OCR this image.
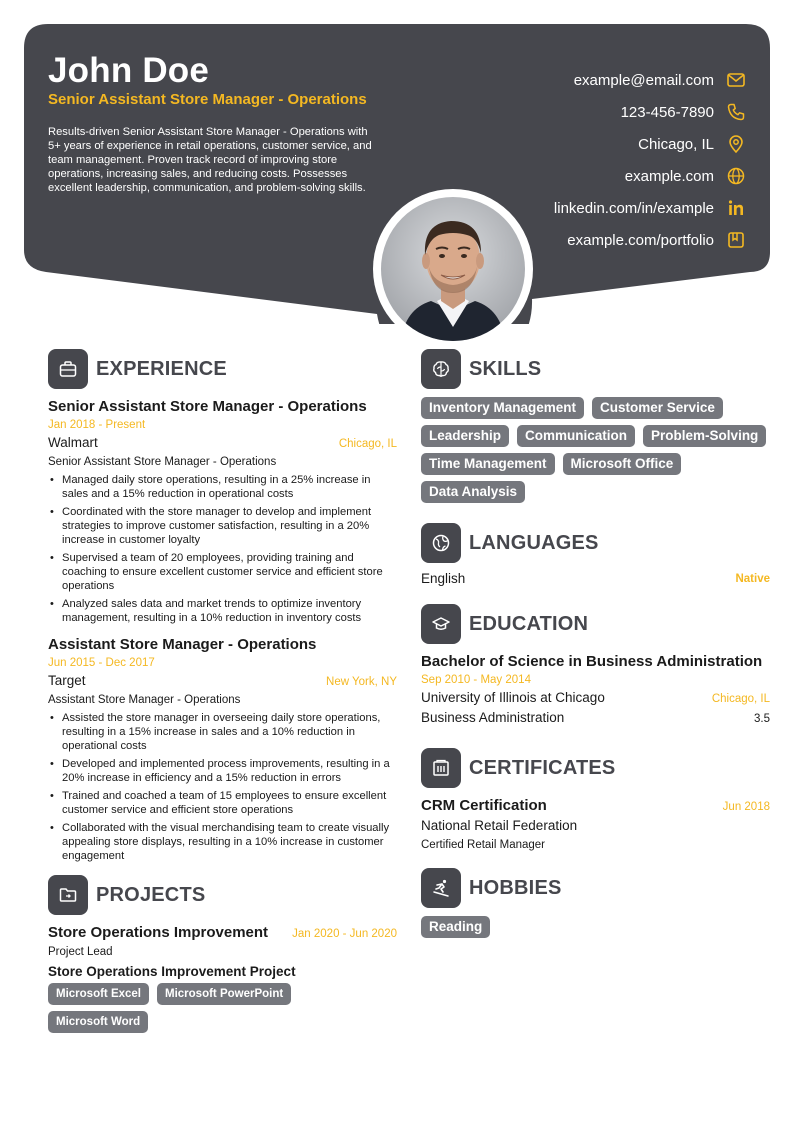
John Doe
Senior Assistant Store Manager - Operations
Results-driven Senior Assistant Store Manager - Operations with 5+ years of experience in retail operations, customer service, and team management. Proven track record of improving store operations, increasing sales, and reducing costs. Possesses excellent leadership, communication, and problem-solving skills.
example@email.com
123-456-7890
Chicago, IL
example.com
linkedin.com/in/example
example.com/portfolio
EXPERIENCE
Senior Assistant Store Manager - Operations
Jan 2018 - Present
Walmart	Chicago, IL
Senior Assistant Store Manager - Operations
• Managed daily store operations, resulting in a 25% increase in sales and a 15% reduction in operational costs
• Coordinated with the store manager to develop and implement strategies to improve customer satisfaction, resulting in a 20% increase in customer loyalty
• Supervised a team of 20 employees, providing training and coaching to ensure excellent customer service and efficient store operations
• Analyzed sales data and market trends to optimize inventory management, resulting in a 10% reduction in inventory costs
Assistant Store Manager - Operations
Jun 2015 - Dec 2017
Target	New York, NY
Assistant Store Manager - Operations
• Assisted the store manager in overseeing daily store operations, resulting in a 15% increase in sales and a 10% reduction in operational costs
• Developed and implemented process improvements, resulting in a 20% increase in efficiency and a 15% reduction in errors
• Trained and coached a team of 15 employees to ensure excellent customer service and efficient store operations
• Collaborated with the visual merchandising team to create visually appealing store displays, resulting in a 10% increase in customer engagement
PROJECTS
Store Operations Improvement Jan 2020 - Jun 2020
Project Lead
Store Operations Improvement Project
Microsoft Excel	Microsoft PowerPoint
Microsoft Word
SKILLS
Inventory Management	Customer Service
Leadership	Communication	Problem-Solving
Time Management	Microsoft Office
Data Analysis
LANGUAGES
English	Native
EDUCATION
Bachelor of Science in Business Administration
Sep 2010 - May 2014
University of Illinois at Chicago	Chicago, IL
Business Administration	3.5
CERTIFICATES
CRM Certification	Jun 2018
National Retail Federation
Certified Retail Manager
HOBBIES
Reading
